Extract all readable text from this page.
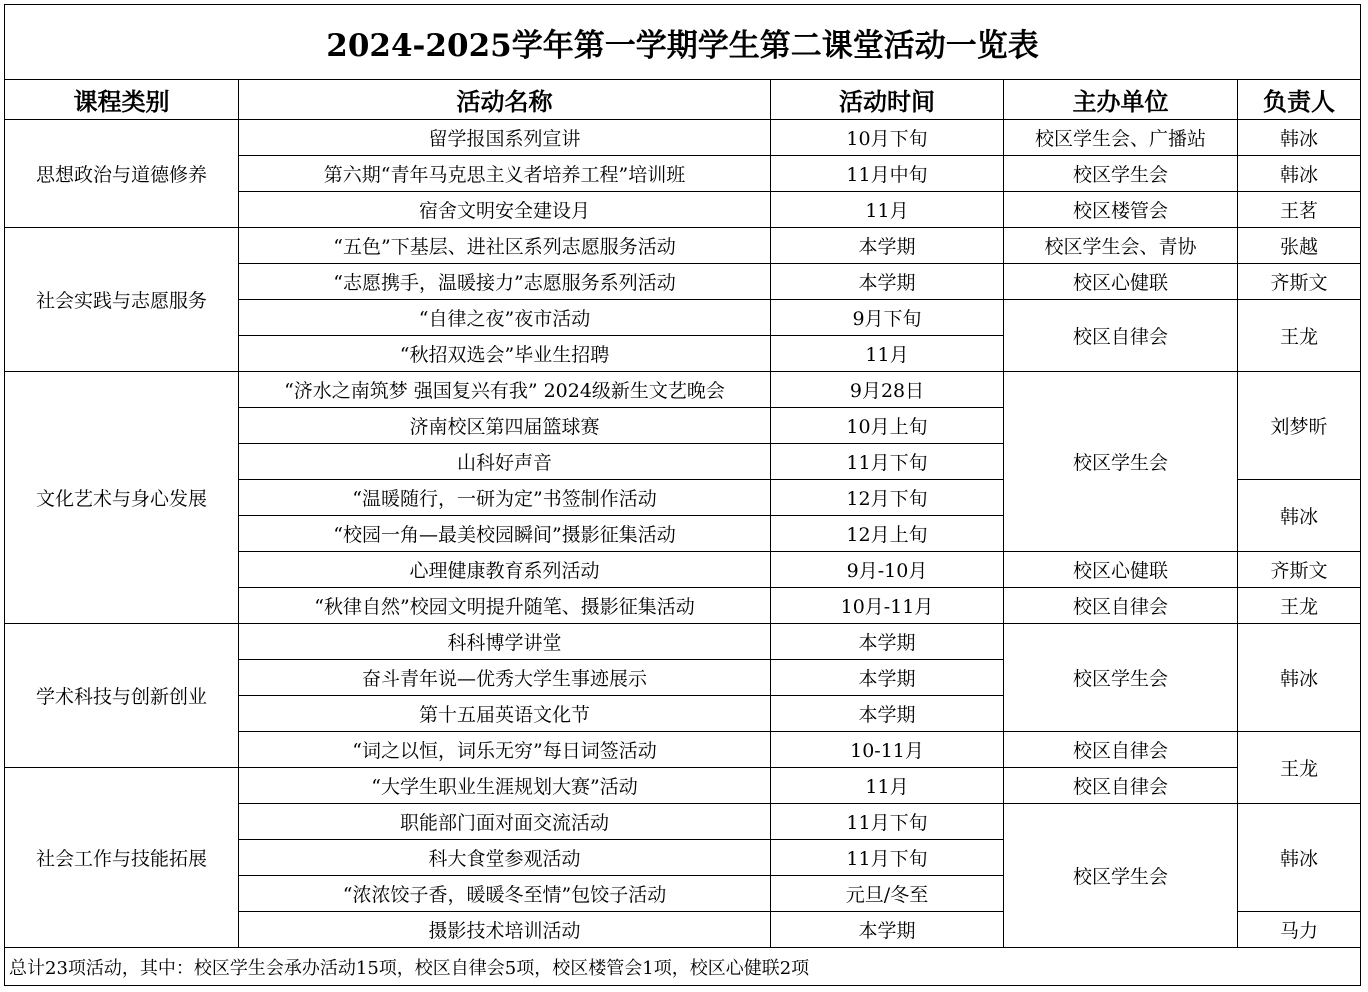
2024-2025学年第一学期学生第二课堂活动一览表				
课程类别	活动名称	活动时间	主办单位	负责人
思想政治与道德修养	留学报国系列宣讲	10月下旬	校区学生会、广播站	韩冰
	第六期“青年马克思主义者培养工程”培训班	11月中旬	校区学生会	韩冰
	宿舍文明安全建设月	11月	校区楼管会	王茗
社会实践与志愿服务	“五色”下基层、进社区系列志愿服务活动	本学期	校区学生会、青协	张越
	“志愿携手，温暖接力”志愿服务系列活动	本学期	校区心健联	齐斯文
	“自律之夜”夜市活动	9月下旬	校区自律会	王龙
	“秋招双选会”毕业生招聘	11月		
文化艺术与身心发展	“济水之南筑梦 强国复兴有我” 2024级新生文艺晚会	9月28日	校区学生会	刘梦昕
	济南校区第四届篮球赛	10月上旬		
	山科好声音	11月下旬		
	“温暖随行，一研为定”书签制作活动	12月下旬		韩冰
	“校园一角—最美校园瞬间”摄影征集活动	12月上旬		
	心理健康教育系列活动	9月-10月	校区心健联	齐斯文
	“秋律自然”校园文明提升随笔、摄影征集活动	10月-11月	校区自律会	王龙
学术科技与创新创业	科科博学讲堂	本学期	校区学生会	韩冰
	奋斗青年说—优秀大学生事迹展示	本学期		
	第十五届英语文化节	本学期		
	“词之以恒，词乐无穷”每日词签活动	10-11月	校区自律会	王龙
社会工作与技能拓展	“大学生职业生涯规划大赛”活动	11月	校区自律会	
	职能部门面对面交流活动	11月下旬	校区学生会	韩冰
	科大食堂参观活动	11月下旬		
	“浓浓饺子香，暖暖冬至情”包饺子活动	元旦/冬至		
	摄影技术培训活动	本学期		马力
总计23项活动，其中：校区学生会承办活动15项，校区自律会5项，校区楼管会1项，校区心健联2项				
